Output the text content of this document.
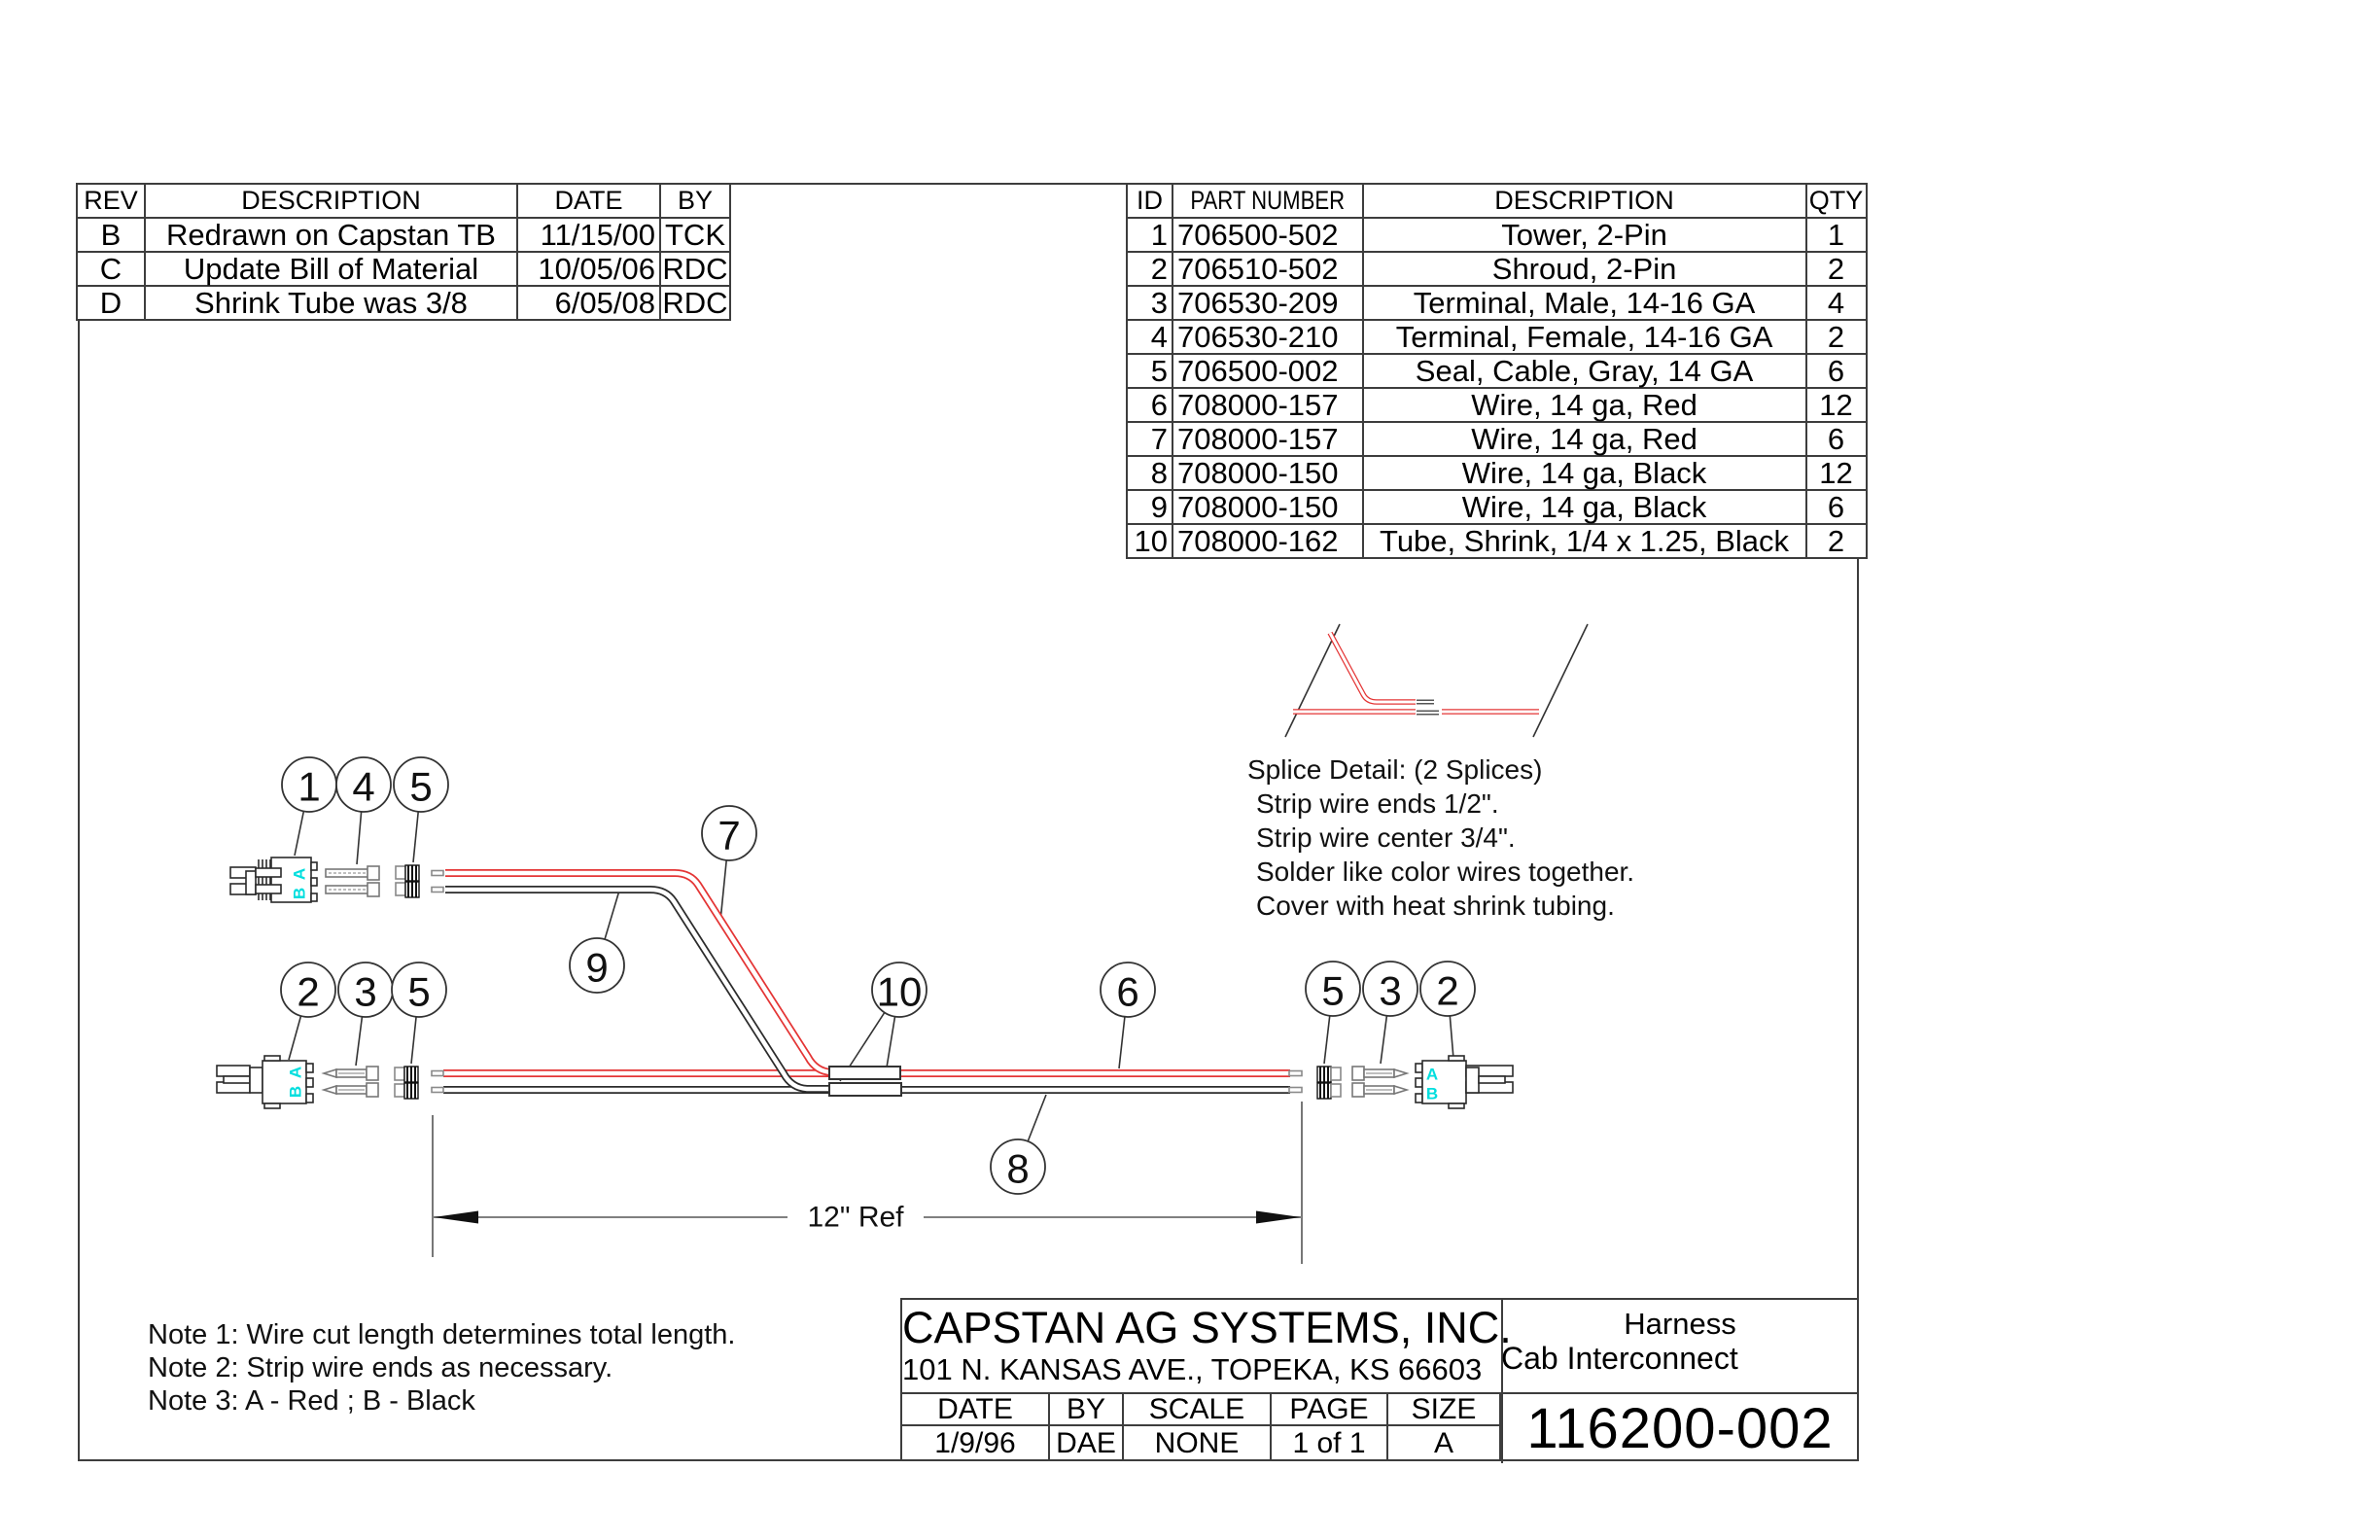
A
B
A
B
A
B
12" Ref
1 4 5
2 3 5
7
9
10	6	5 3 2
8
REV	DESCRIPTION	DATE	BY
B	Redrawn on Capstan TB	11/15/00	TCK
C	Update Bill of Material	10/05/06	RDC
D	Shrink Tube was 3/8	6/05/08	RDC
ID	PART NUMBER	DESCRIPTION	QTY
1	706500-502	Tower, 2-Pin	1
2	706510-502	Shroud, 2-Pin	2
3	706530-209	Terminal, Male, 14-16 GA	4
4	706530-210	Terminal, Female, 14-16 GA	2
5	706500-002	Seal, Cable, Gray, 14 GA	6
6	708000-157	Wire, 14 ga, Red	12
7	708000-157	Wire, 14 ga, Red	6
8	708000-150	Wire, 14 ga, Black	12
9	708000-150	Wire, 14 ga, Black	6
10	708000-162	Tube, Shrink, 1/4 x 1.25, Black	2
Splice Detail: (2 Splices)
Strip wire ends 1/2".
Strip wire center 3/4".
Solder like color wires together.
Cover with heat shrink tubing.
Note 1: Wire cut length determines total length.
Note 2: Strip wire ends as necessary.
Note 3: A - Red ; B - Black
CAPSTAN AG SYSTEMS, INC.
101 N. KANSAS AVE., TOPEKA, KS 66603
Harness
Cab Interconnect
DATE	BY	SCALE	PAGE	SIZE
1/9/96	DAE	NONE	1 of 1	A	116200-002
